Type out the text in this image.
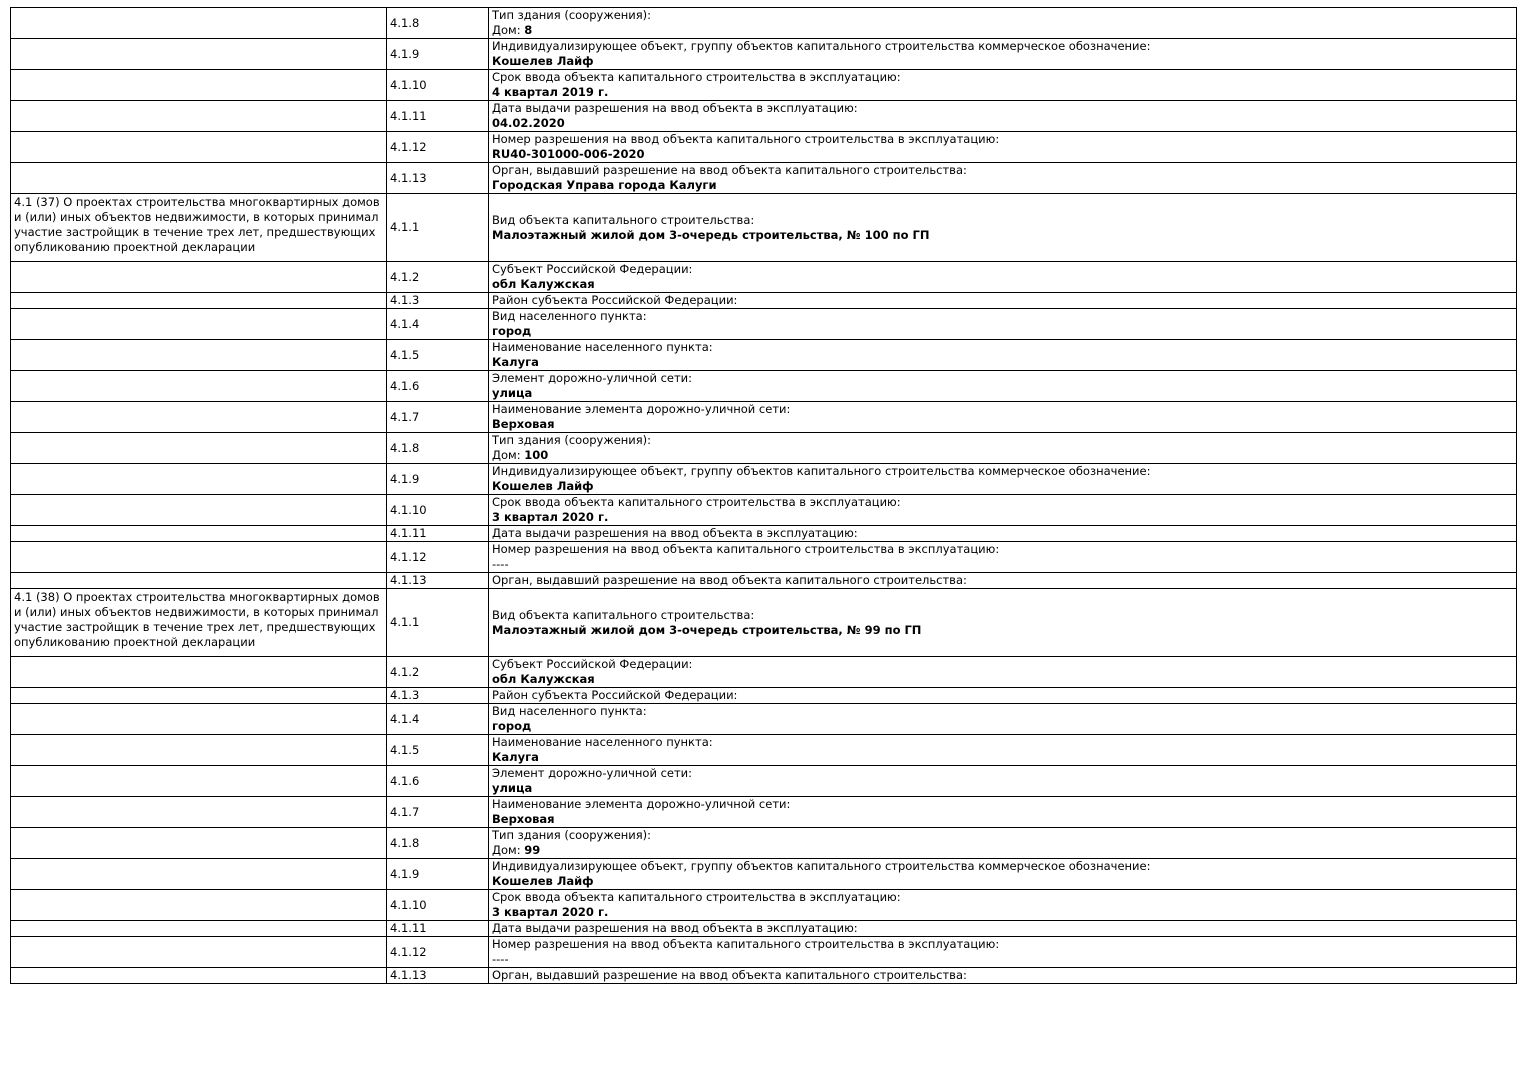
	4.1.8	Тип здания (сооружения):
Дом: 8

	4.1.9	Индивидуализирующее объект, группу объектов капитального строительства коммерческое обозначение:
Кошелев Лайф

	4.1.10	Срок ввода объекта капитального строительства в эксплуатацию:
4 квартал 2019 г.

	4.1.11	Дата выдачи разрешения на ввод объекта в эксплуатацию:
04.02.2020

	4.1.12	Номер разрешения на ввод объекта капитального строительства в эксплуатацию:
RU40-301000-006-2020

	4.1.13	Орган, выдавший разрешение на ввод объекта капитального строительства:
Городская Управа города Калуги

4.1 (37) О проектах строительства многоквартирных домов и (или) иных объектов недвижимости, в которых принимал участие застройщик в течение трех лет, предшествующих опубликованию проектной декларации	4.1.1	Вид объекта капитального строительства:
Малоэтажный жилой дом 3-очередь строительства, № 100 по ГП

	4.1.2	Субъект Российской Федерации:
обл Калужская

	4.1.3	Район субъекта Российской Федерации:

	4.1.4	Вид населенного пункта:
город

	4.1.5	Наименование населенного пункта:
Калуга

	4.1.6	Элемент дорожно-уличной сети:
улица

	4.1.7	Наименование элемента дорожно-уличной сети:
Верховая

	4.1.8	Тип здания (сооружения):
Дом: 100

	4.1.9	Индивидуализирующее объект, группу объектов капитального строительства коммерческое обозначение:
Кошелев Лайф

	4.1.10	Срок ввода объекта капитального строительства в эксплуатацию:
3 квартал 2020 г.

	4.1.11	Дата выдачи разрешения на ввод объекта в эксплуатацию:

	4.1.12	Номер разрешения на ввод объекта капитального строительства в эксплуатацию:
----

	4.1.13	Орган, выдавший разрешение на ввод объекта капитального строительства:

4.1 (38) О проектах строительства многоквартирных домов и (или) иных объектов недвижимости, в которых принимал участие застройщик в течение трех лет, предшествующих опубликованию проектной декларации	4.1.1	Вид объекта капитального строительства:
Малоэтажный жилой дом 3-очередь строительства, № 99 по ГП

	4.1.2	Субъект Российской Федерации:
обл Калужская

	4.1.3	Район субъекта Российской Федерации:

	4.1.4	Вид населенного пункта:
город

	4.1.5	Наименование населенного пункта:
Калуга

	4.1.6	Элемент дорожно-уличной сети:
улица

	4.1.7	Наименование элемента дорожно-уличной сети:
Верховая

	4.1.8	Тип здания (сооружения):
Дом: 99

	4.1.9	Индивидуализирующее объект, группу объектов капитального строительства коммерческое обозначение:
Кошелев Лайф

	4.1.10	Срок ввода объекта капитального строительства в эксплуатацию:
3 квартал 2020 г.

	4.1.11	Дата выдачи разрешения на ввод объекта в эксплуатацию:

	4.1.12	Номер разрешения на ввод объекта капитального строительства в эксплуатацию:
----

	4.1.13	Орган, выдавший разрешение на ввод объекта капитального строительства:
